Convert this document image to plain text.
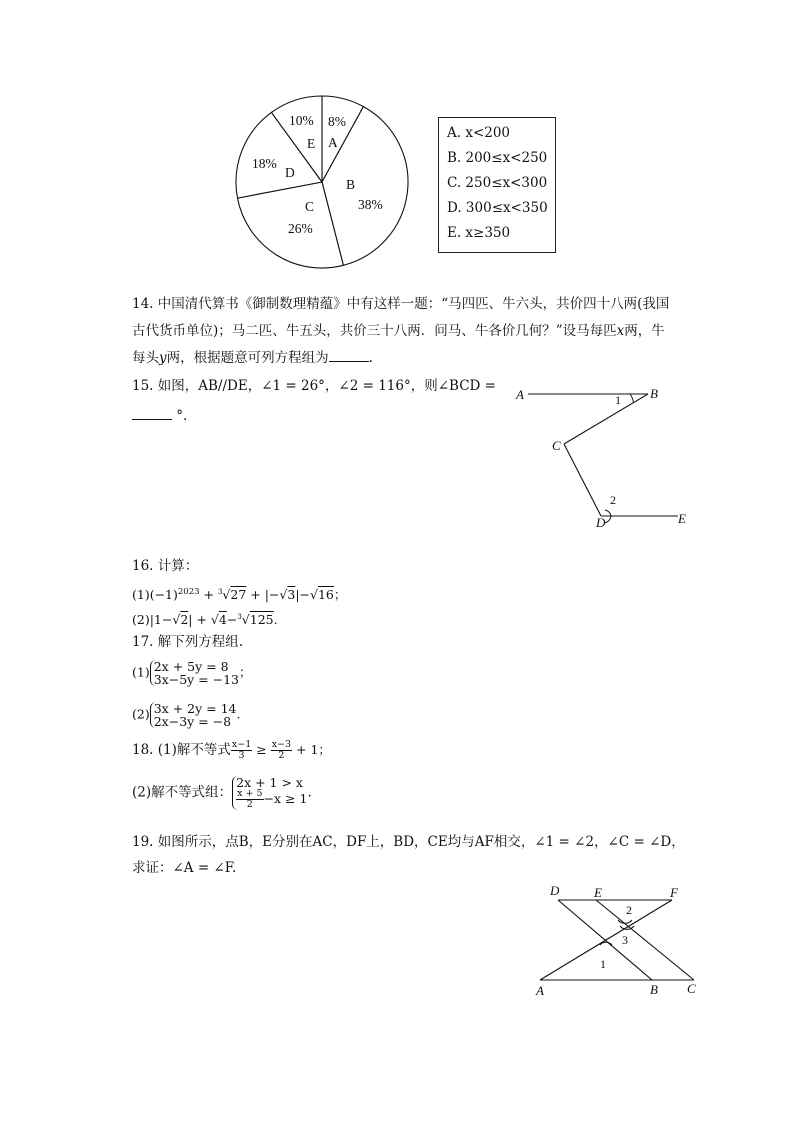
8%
A
B
38%
C
26%
18%
D
10%
E
A. x<200
B. 200≤x<250
C. 250≤x<300
D. 300≤x<350
E. x≥350
14. 中国清代算书《御制数理精蕴》中有这样一题：“马四匹、牛六头，共价四十八两(我国
古代货币单位)；马二匹、牛五头，共价三十八两．问马、牛各价几何？”设马每匹x两，牛
每头y两，根据题意可列方程组为	.
15. 如图，AB//DE，∠1 = 26°，∠2 = 116°，则∠BCD =
°.
A	B
1
C
2
D	E
16. 计算：
$(1)(-1)^{2023} + ^3√27 + |-√3|-√16$；
(2)|1−√2| + √4−$^3$√125.
17. 解下列方程组.
(1) 2x + 5y = 8
3x−5y = −13；
(2) 3x + 2y = 14
2x−3y = −8 .
18. (1)解不等式 $\frac{x-1}{3} \ge \frac{x-3}{2} + 1$；
(2)解不等式组：2x + 1 > x

$\frac{x + 5}{2} -x \ge 1$.
19. 如图所示，点B，E分别在AC，DF上，BD，CE均与AF相交，∠1 = ∠2，∠C = ∠D，
求证：∠A = ∠F.
D	E	F
2
3
1
A	B C
